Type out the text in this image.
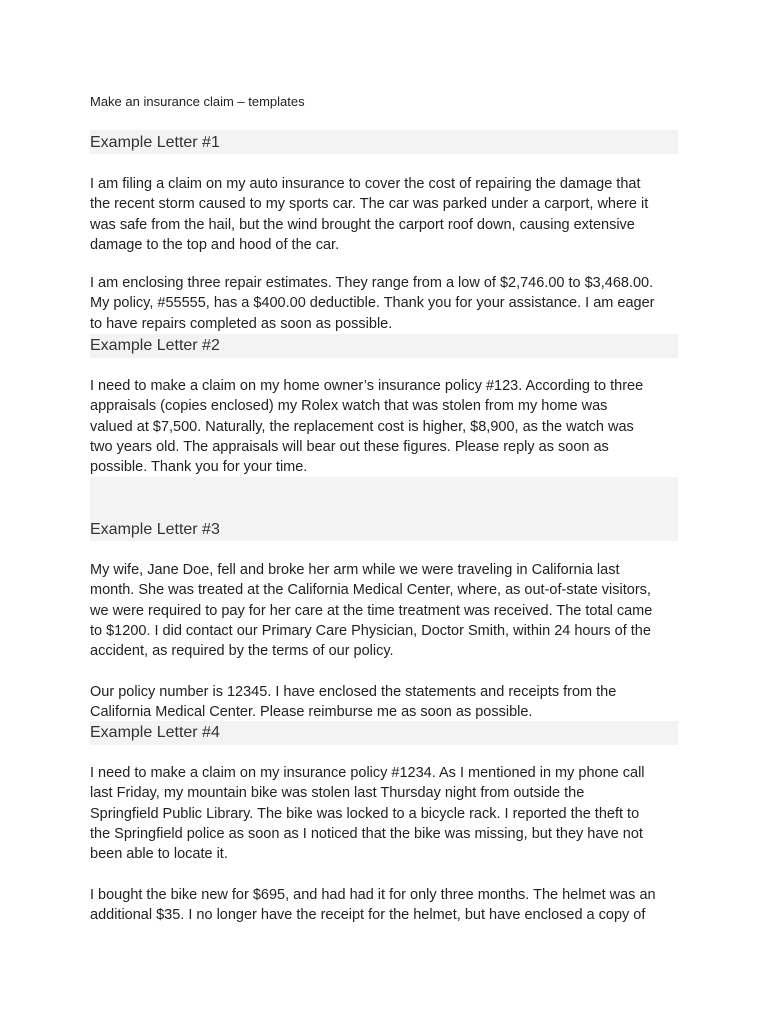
Make an insurance claim – templates
Example Letter #1
I am filing a claim on my auto insurance to cover the cost of repairing the damage that
the recent storm caused to my sports car. The car was parked under a carport, where it
was safe from the hail, but the wind brought the carport roof down, causing extensive
damage to the top and hood of the car.
I am enclosing three repair estimates. They range from a low of $2,746.00 to $3,468.00.
My policy, #55555, has a $400.00 deductible. Thank you for your assistance. I am eager
to have repairs completed as soon as possible.
Example Letter #2
I need to make a claim on my home owner’s insurance policy #123. According to three
appraisals (copies enclosed) my Rolex watch that was stolen from my home was
valued at $7,500. Naturally, the replacement cost is higher, $8,900, as the watch was
two years old. The appraisals will bear out these figures. Please reply as soon as
possible. Thank you for your time.
Example Letter #3
My wife, Jane Doe, fell and broke her arm while we were traveling in California last
month. She was treated at the California Medical Center, where, as out-of-state visitors,
we were required to pay for her care at the time treatment was received. The total came
to $1200. I did contact our Primary Care Physician, Doctor Smith, within 24 hours of the
accident, as required by the terms of our policy.
Our policy number is 12345. I have enclosed the statements and receipts from the
California Medical Center. Please reimburse me as soon as possible.
Example Letter #4
I need to make a claim on my insurance policy #1234. As I mentioned in my phone call
last Friday, my mountain bike was stolen last Thursday night from outside the
Springfield Public Library. The bike was locked to a bicycle rack. I reported the theft to
the Springfield police as soon as I noticed that the bike was missing, but they have not
been able to locate it.
I bought the bike new for $695, and had had it for only three months. The helmet was an
additional $35. I no longer have the receipt for the helmet, but have enclosed a copy of
